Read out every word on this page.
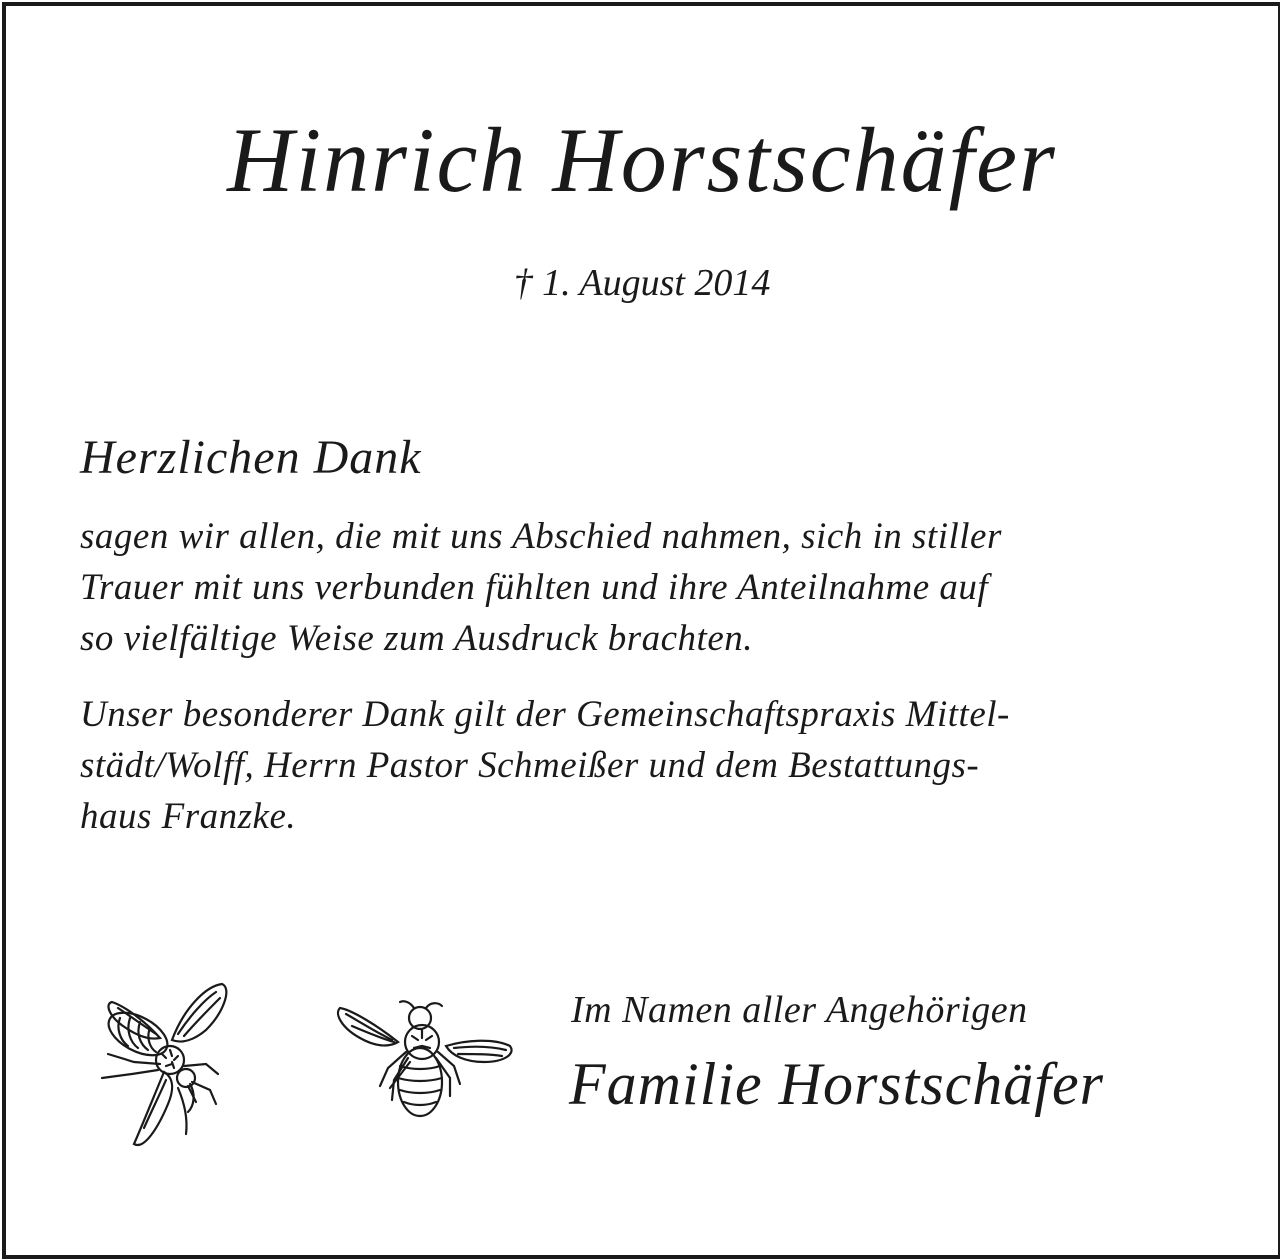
Hinrich Horstschäfer

† 1. August 2014

Herzlichen Dank

sagen wir allen, die mit uns Abschied nahmen, sich in stiller
Trauer mit uns verbunden fühlten und ihre Anteilnahme auf
so vielfältige Weise zum Ausdruck brachten.

Unser besonderer Dank gilt der Gemeinschaftspraxis Mittel-
städt/Wolff, Herrn Pastor Schmeißer und dem Bestattungs-
haus Franzke.

Im Namen aller Angehörigen

Familie Horstschäfer
